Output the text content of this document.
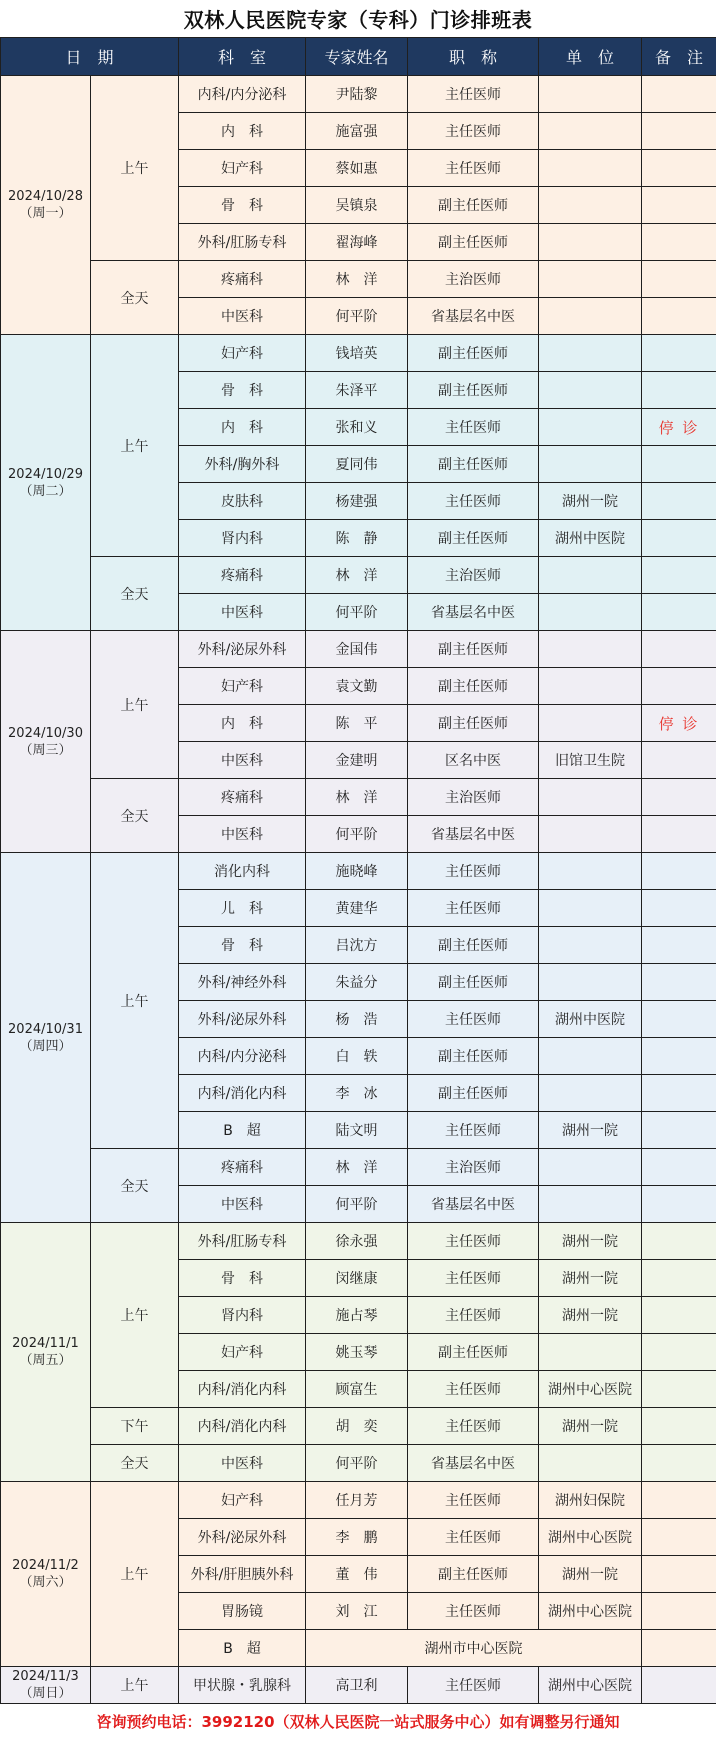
双林人民医院专家（专科）门诊排班表
日　期		科　室	专家姓名	职　称	单　位	备　注
2024/10/28
（周一）	上午	内科/内分泌科	尹陆黎	主任医师		
		内　科	施富强	主任医师		
		妇产科	蔡如惠	主任医师		
		骨　科	吴镇泉	副主任医师		
		外科/肛肠专科	翟海峰	副主任医师		
	全天	疼痛科	林　洋	主治医师		
		中医科	何平阶	省基层名中医		
2024/10/29
（周二）	上午	妇产科	钱培英	副主任医师		
		骨　科	朱泽平	副主任医师		
		内　科	张和义	主任医师		停 诊
		外科/胸外科	夏同伟	副主任医师		
		皮肤科	杨建强	主任医师	湖州一院	
		肾内科	陈　静	副主任医师	湖州中医院	
	全天	疼痛科	林　洋	主治医师		
		中医科	何平阶	省基层名中医		
2024/10/30
（周三）	上午	外科/泌尿外科	金国伟	副主任医师		
		妇产科	袁文勤	副主任医师		
		内　科	陈　平	副主任医师		停 诊
		中医科	金建明	区名中医	旧馆卫生院	
	全天	疼痛科	林　洋	主治医师		
		中医科	何平阶	省基层名中医		
2024/10/31
（周四）	上午	消化内科	施晓峰	主任医师		
		儿　科	黄建华	主任医师		
		骨　科	吕沈方	副主任医师		
		外科/神经外科	朱益分	副主任医师		
		外科/泌尿外科	杨　浩	主任医师	湖州中医院	
		内科/内分泌科	白　轶	副主任医师		
		内科/消化内科	李　冰	副主任医师		
		B　超	陆文明	主任医师	湖州一院	
	全天	疼痛科	林　洋	主治医师		
		中医科	何平阶	省基层名中医		
2024/11/1
（周五）	上午	外科/肛肠专科	徐永强	主任医师	湖州一院	
		骨　科	闵继康	主任医师	湖州一院	
		肾内科	施占琴	主任医师	湖州一院	
		妇产科	姚玉琴	副主任医师		
		内科/消化内科	顾富生	主任医师	湖州中心医院	
	下午	内科/消化内科	胡　奕	主任医师	湖州一院	
	全天	中医科	何平阶	省基层名中医		
2024/11/2
（周六）	上午	妇产科	任月芳	主任医师	湖州妇保院	
		外科/泌尿外科	李　鹏	主任医师	湖州中心医院	
		外科/肝胆胰外科	董　伟	副主任医师	湖州一院	
		胃肠镜	刘　江	主任医师	湖州中心医院	
		B　超	湖州市中心医院			
2024/11/3
（周日）	上午	甲状腺・乳腺科	高卫利	主任医师	湖州中心医院	
咨询预约电话：3992120（双林人民医院一站式服务中心）如有调整另行通知
